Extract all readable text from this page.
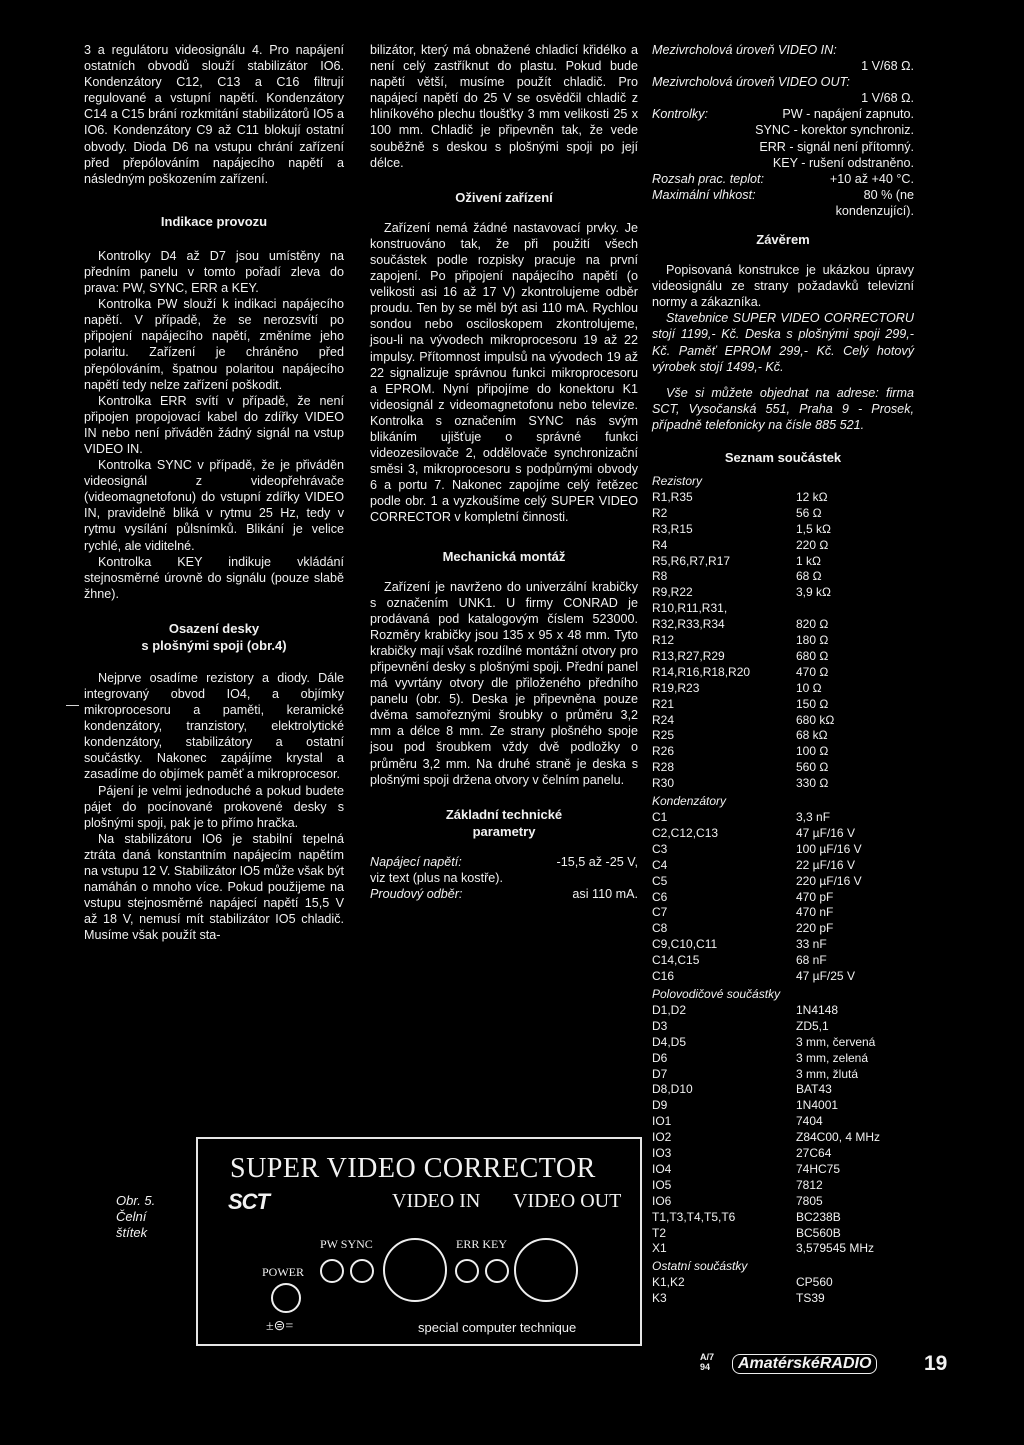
3 a regulátoru videosignálu 4. Pro napájení ostatních obvodů slouží stabilizátor IO6. Kondenzátory C12, C13 a C16 filtrují regulované a vstupní napětí. Kondenzátory C14 a C15 brání rozkmitání stabilizátorů IO5 a IO6. Kondenzátory C9 až C11 blokují ostatní obvody. Dioda D6 na vstupu chrání zařízení před přepólováním napájecího napětí a následným poškozením zařízení.

Indikace provozu

Kontrolky D4 až D7 jsou umístěny na předním panelu v tomto pořadí zleva do prava: PW, SYNC, ERR a KEY.

Kontrolka PW slouží k indikaci napájecího napětí. V případě, že se nerozsvítí po připojení napájecího napětí, změníme jeho polaritu. Zařízení je chráněno před přepólováním, špatnou polaritou napájecího napětí tedy nelze zařízení poškodit.

Kontrolka ERR svítí v případě, že není připojen propojovací kabel do zdířky VIDEO IN nebo není přiváděn žádný signál na vstup VIDEO IN.

Kontrolka SYNC v případě, že je přiváděn videosignál z videopřehrávače (videomagnetofonu) do vstupní zdířky VIDEO IN, pravidelně bliká v rytmu 25 Hz, tedy v rytmu vysílání půlsnímků. Blikání je velice rychlé, ale viditelné.

Kontrolka KEY indikuje vkládání stejnosměrné úrovně do signálu (pouze slabě žhne).

Osazení desky
s plošnými spoji (obr.4)

Nejprve osadíme rezistory a diody. Dále integrovaný obvod IO4, a objímky mikroprocesoru a paměti, keramické kondenzátory, tranzistory, elektrolytické kondenzátory, stabilizátory a ostatní součástky. Nakonec zapájíme krystal a zasadíme do objímek paměť a mikroprocesor.

Pájení je velmi jednoduché a pokud budete pájet do pocínované prokovené desky s plošnými spoji, pak je to přímo hračka.

Na stabilizátoru IO6 je stabilní tepelná ztráta daná konstantním napájecím napětím na vstupu 12 V. Stabilizátor IO5 může však být namáhán o mnoho více. Pokud použijeme na vstupu stejnosměrné napájecí napětí 15,5 V až 18 V, nemusí mít stabilizátor IO5 chladič. Musíme však použít sta-

—

bilizátor, který má obnažené chladicí křidélko a není celý zastříknut do plastu. Pokud bude napětí větší, musíme použít chladič. Pro napájecí napětí do 25 V se osvědčil chladič z hliníkového plechu tloušťky 3 mm velikosti 25 x 100 mm. Chladič je připevněn tak, že vede souběžně s deskou s plošnými spoji po její délce.

Oživení zařízení

Zařízení nemá žádné nastavovací prvky. Je konstruováno tak, že při použití všech součástek podle rozpisky pracuje na první zapojení. Po připojení napájecího napětí (o velikosti asi 16 až 17 V) zkontrolujeme odběr proudu. Ten by se měl být asi 110 mA. Rychlou sondou nebo osciloskopem zkontrolujeme, jsou-li na vývodech mikroprocesoru 19 až 22 impulsy. Přítomnost impulsů na vývodech 19 až 22 signalizuje správnou funkci mikroprocesoru a EPROM. Nyní připojíme do konektoru K1 videosignál z videomagnetofonu nebo televize. Kontrolka s označením SYNC nás svým blikáním ujišťuje o správné funkci videozesilovače 2, oddělovače synchronizační směsi 3, mikroprocesoru s podpůrnými obvody 6 a portu 7. Nakonec zapojíme celý řetězec podle obr. 1 a vyzkoušíme celý SUPER VIDEO CORRECTOR v kompletní činnosti.

Mechanická montáž

Zařízení je navrženo do univerzální krabičky s označením UNK1. U firmy CONRAD je prodávaná pod katalogovým číslem 523000. Rozměry krabičky jsou 135 x 95 x 48 mm. Tyto krabičky mají však rozdílné montážní otvory pro připevnění desky s plošnými spoji. Přední panel má vyvrtány otvory dle přiloženého předního panelu (obr. 5). Deska je připevněna pouze dvěma samořeznými šroubky o průměru 3,2 mm a délce 8 mm. Ze strany plošného spoje jsou pod šroubkem vždy dvě podložky o průměru 3,2 mm. Na druhé straně je deska s plošnými spoji držena otvory v čelním panelu.

Základní technické
parametry
Napájecí napětí:	-15,5 až -25 V,
viz text (plus na kostře).
Proudový odběr:	asi 110 mA.
Mezivrcholová úroveň VIDEO IN:
1 V/68 Ω.
Mezivrcholová úroveň VIDEO OUT:
1 V/68 Ω.
Kontrolky:	PW - napájení zapnuto.
SYNC - korektor synchroniz.
ERR - signál není přítomný.
KEY - rušení odstraněno.
Rozsah prac. teplot:	+10 až +40 °C.
Maximální vlhkost:	80 % (ne
kondenzující).
Závěrem

Popisovaná konstrukce je ukázkou úpravy videosignálu ze strany požadavků televizní normy a zákazníka.

Stavebnice SUPER VIDEO CORRECTORU stojí 1199,- Kč. Deska s plošnými spoji 299,- Kč. Paměť EPROM 299,- Kč. Celý hotový výrobek stojí 1499,- Kč.

Vše si můžete objednat na adrese: firma SCT, Vysočanská 551, Praha 9 - Prosek, případně telefonicky na čísle 885 521.

Seznam součástek
Rezistory
R1,R35	12 kΩ
R2	56 Ω
R3,R15	1,5 kΩ
R4	220 Ω
R5,R6,R7,R17	1 kΩ
R8	68 Ω
R9,R22	3,9 kΩ
R10,R11,R31,
R32,R33,R34	820 Ω
R12	180 Ω
R13,R27,R29	680 Ω
R14,R16,R18,R20	470 Ω
R19,R23	10 Ω
R21	150 Ω
R24	680 kΩ
R25	68 kΩ
R26	100 Ω
R28	560 Ω
R30	330 Ω
Kondenzátory
C1	3,3 nF
C2,C12,C13	47 µF/16 V
C3	100 µF/16 V
C4	22 µF/16 V
C5	220 µF/16 V
C6	470 pF
C7	470 nF
C8	220 pF
C9,C10,C11	33 nF
C14,C15	68 nF
C16	47 µF/25 V
Polovodičové součástky
D1,D2	1N4148
D3	ZD5,1
D4,D5	3 mm, červená
D6	3 mm, zelená
D7	3 mm, žlutá
D8,D10	BAT43
D9	1N4001
IO1	7404
IO2	Z84C00, 4 MHz
IO3	27C64
IO4	74HC75
IO5	7812
IO6	7805
T1,T3,T4,T5,T6	BC238B
T2	BC560B
X1	3,579545 MHz
Ostatní součástky
K1,K2	CP560
K3	TS39
SUPER VIDEO CORRECTOR
SCT	VIDEO IN VIDEO OUT
PW SYNC	ERR KEY
POWER
±⊜=	special computer technique
Obr. 5.
Čelní
štítek
A/7
94	AmatérskéRADIO	19
